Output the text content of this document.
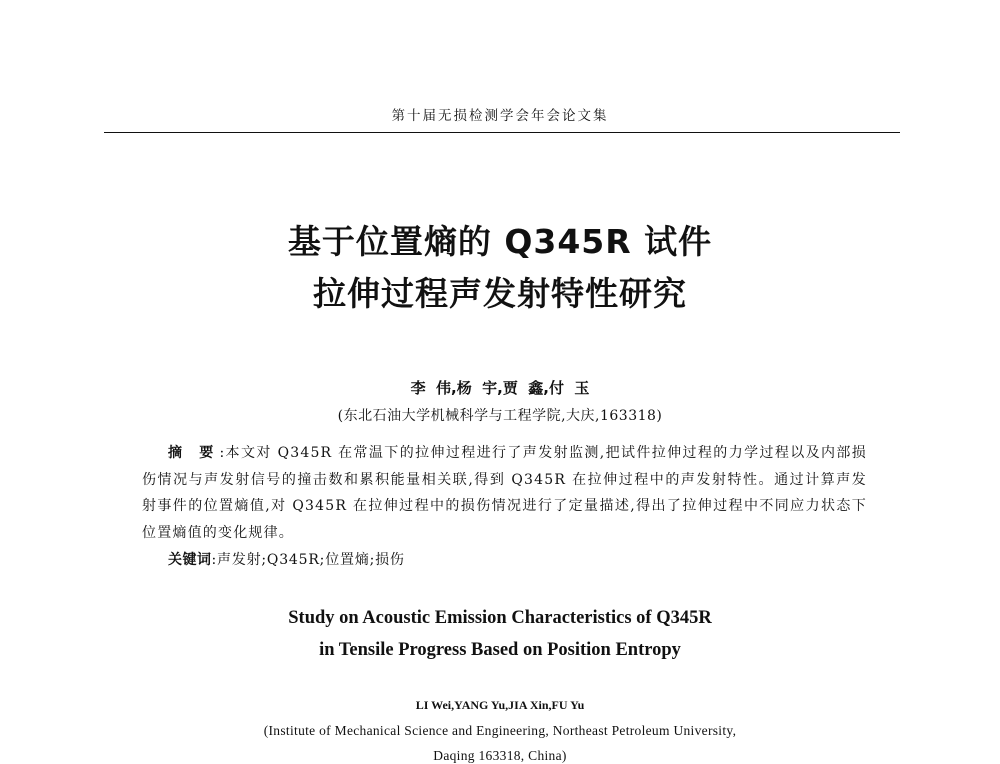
第十届无损检测学会年会论文集
基于位置熵的 Q345R 试件
拉伸过程声发射特性研究
李  伟,杨  宇,贾  鑫,付  玉
(东北石油大学机械科学与工程学院,大庆,163318)
摘 要:本文对 Q345R 在常温下的拉伸过程进行了声发射监测,把试件拉伸过程的力学过程以及内部损伤情况与声发射信号的撞击数和累积能量相关联,得到 Q345R 在拉伸过程中的声发射特性。通过计算声发射事件的位置熵值,对 Q345R 在拉伸过程中的损伤情况进行了定量描述,得出了拉伸过程中不同应力状态下位置熵值的变化规律。
关键词:声发射;Q345R;位置熵;损伤
Study on Acoustic Emission Characteristics of Q345R
in Tensile Progress Based on Position Entropy
LI Wei,YANG Yu,JIA Xin,FU Yu
(Institute of Mechanical Science and Engineering, Northeast Petroleum University,
Daqing 163318, China)
